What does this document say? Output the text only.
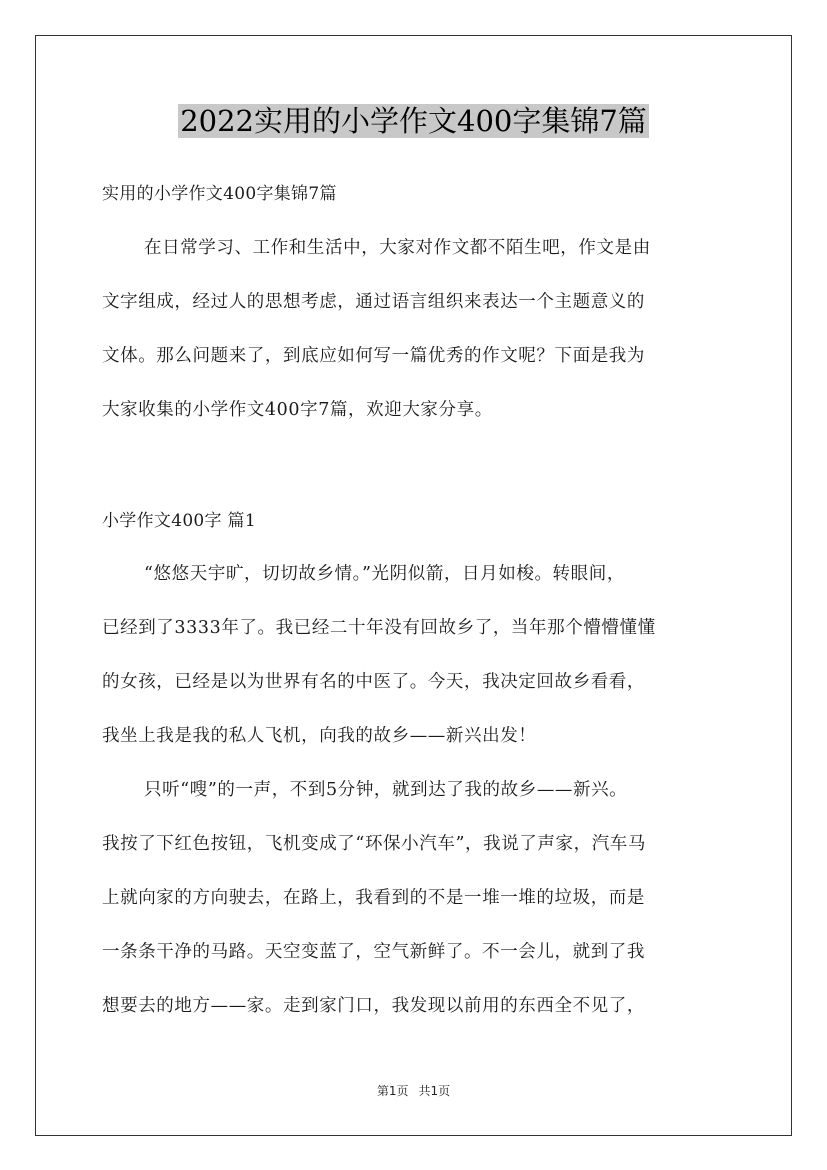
2022实用的小学作文400字集锦7篇
实用的小学作文400字集锦7篇
在日常学习、工作和生活中，大家对作文都不陌生吧，作文是由
文字组成，经过人的思想考虑，通过语言组织来表达一个主题意义的
文体。那么问题来了，到底应如何写一篇优秀的作文呢？下面是我为
大家收集的小学作文400字7篇，欢迎大家分享。
小学作文400字 篇1
“悠悠天宇旷，切切故乡情。”光阴似箭，日月如梭。转眼间，
已经到了3333年了。我已经二十年没有回故乡了，当年那个懵懵懂懂
的女孩，已经是以为世界有名的中医了。今天，我决定回故乡看看，
我坐上我是我的私人飞机，向我的故乡——新兴出发！
只听“嗖”的一声，不到5分钟，就到达了我的故乡——新兴。
我按了下红色按钮，飞机变成了“环保小汽车”，我说了声家，汽车马
上就向家的方向驶去，在路上，我看到的不是一堆一堆的垃圾，而是
一条条干净的马路。天空变蓝了，空气新鲜了。不一会儿，就到了我
想要去的地方——家。走到家门口，我发现以前用的东西全不见了，
第1页 共1页
